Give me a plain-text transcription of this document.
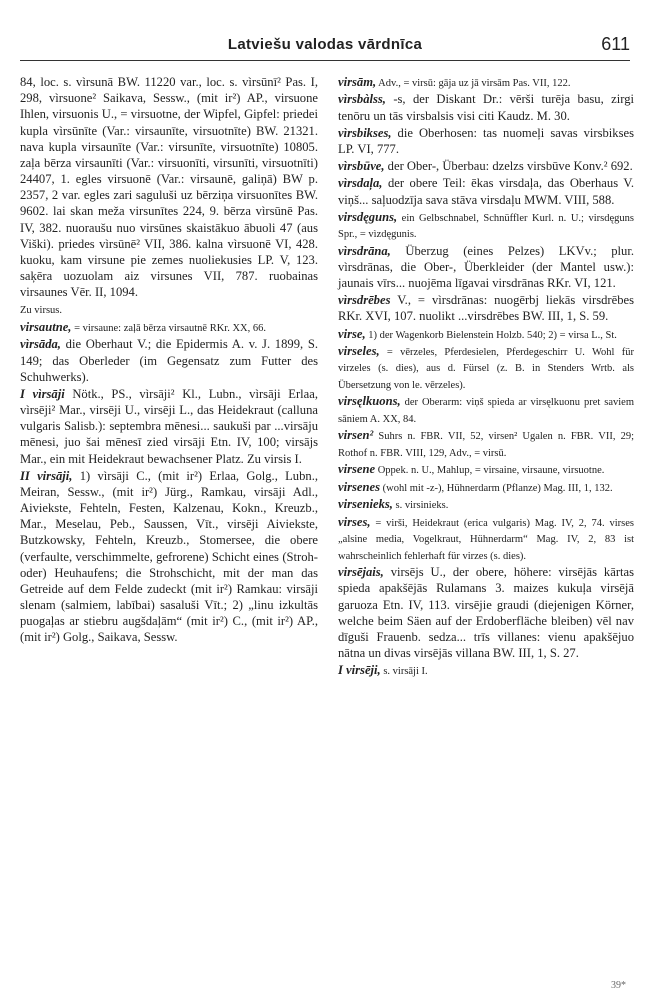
Latviešu valodas vārdnīca	611

84, loc. s. vìrsunā BW. 11220 var., loc. s. vìrsūnī² Pas. I, 298, vìrsuone² Saikava, Sessw., (mit ir²) AP., virsuone Ihlen, virsuonis U., = virsuotne, der Wipfel, Gipfel: priedei kupla vìrsūnīte (Var.: virsaunīte, virsuotnīte) BW. 21321. nava kupla virsaunīte (Var.: virsunīte, virsuotnīte) 10805. zaļa bērza virsaunīti (Var.: virsuonīti, virsunīti, virsuotnīti) 24407, 1. egles virsuonē (Var.: virsaunē, galiņā) BW p. 2357, 2 var. egles zari saguluši uz bērziņa virsuonītes BW. 9602. lai skan meža virsunītes 224, 9. bērza vìrsūnē Pas. IV, 382. nuoraušu nuo virsūnes skaistākuo ābuoli 47 (aus Viški). priedes vìrsūnē² VII, 386. kalna vìrsuonē VI, 428. kuoku, kam virsune pie zemes nuoliekusies LP. V, 123. saķēra uozuolam aiz virsunes VII, 787. ruobainas virsaunes Vēr. II, 1094.

Zu virsus.

virsautne, = virsaune: zaļā bērza virsautnē RKr. XX, 66.

vìrsāda, die Oberhaut V.; die Epidermis A. v. J. 1899, S. 149; das Oberleder (im Gegensatz zum Futter des Schuhwerks).

I vìrsāji Nötk., PS., vìrsāji² Kl., Lubn., vìrsāji Erlaa, vìrsēji² Mar., virsēji U., virsēji L., das Heidekraut (calluna vulgaris Salisb.): septembra mēnesi... saukuši par ...virsāju mēnesi, juo šai mēnesī zied virsāji Etn. IV, 100; virsājs Mar., ein mit Heidekraut bewachsener Platz. Zu virsis I.

II virsāji, 1) vìrsāji C., (mit ir²) Erlaa, Golg., Lubn., Meiran, Sessw., (mit ir²) Jürg., Ramkau, virsāji Adl., Aiviekste, Fehteln, Festen, Kalzenau, Kokn., Kreuzb., Mar., Meselau, Peb., Saussen, Vīt., virsēji Aiviekste, Butzkowsky, Fehteln, Kreuzb., Stomersee, die obere (verfaulte, verschimmelte, gefrorene) Schicht eines (Stroh- oder) Heuhaufens; die Strohschicht, mit der man das Getreide auf dem Felde zudeckt (mit ir²) Ramkau: virsāji slenam (salmiem, labībai) sasaluši Vīt.; 2) „linu izkultās puogaļas ar stiebru augšdaļām“ (mit ir²) C., (mit ir²) AP., (mit ir²) Golg., Saikava, Sessw.

virsām, Adv., = virsū: gāja uz jā virsām Pas. VII, 122.

vìrsbàlss, -s, der Diskant Dr.: vērši turēja basu, zirgi tenōru un tās virsbalsis visi citi Kaudz. M. 30.

vìrsbikses, die Oberhosen: tas nuomeļi savas virsbikses LP. VI, 777.

vìrsbūve, der Ober-, Überbau: dzelzs virsbūve Konv.² 692.

vìrsdaļa, der obere Teil: ēkas virsdaļa, das Oberhaus V. viņš... saļuodzīja sava stāva virsdaļu MWM. VIII, 588.

virsdęguns, ein Gelbschnabel, Schnüffler Kurl. n. U.; virsdęguns Spr., = vìzdęgunis.

vìrsdrāna, Überzug (eines Pelzes) LKVv.; plur. vìrsdrānas, die Ober-, Überkleider (der Mantel usw.): jaunais vīrs... nuojēma līgavai virsdrānas RKr. VI, 121.

vìrsdrēbes V., = vìrsdrānas: nuogērbj liekās virsdrēbes RKr. XVI, 107. nuolikt ...virsdrēbes BW. III, 1, S. 59.

virse, 1) der Wagenkorb Bielenstein Holzb. 540; 2) = virsa L., St.

virseles, = vērzeles, Pferdesielen, Pferdegeschirr U. Wohl für virzeles (s. dies), aus d. Fürsel (z. B. in Stenders Wrtb. als Übersetzung von le. vērzeles).

virsęlkuons, der Oberarm: viņš spieda ar virsęlkuonu pret saviem sāniem A. XX, 84.

virsen² Suhrs n. FBR. VII, 52, virsen² Ugalen n. FBR. VII, 29; Rothof n. FBR. VIII, 129, Adv., = virsū.

virsene Oppek. n. U., Mahlup, = virsaine, virsaune, virsuotne.

virsenes (wohl mit -z-), Hühnerdarm (Pflanze) Mag. III, 1, 132.

virsenieks, s. virsinieks.

virses, = virši, Heidekraut (erica vulgaris) Mag. IV, 2, 74. virses „alsine media, Vogelkraut, Hühnerdarm“ Mag. IV, 2, 83 ist wahrscheinlich fehlerhaft für virzes (s. dies).

virsējais, virsējs U., der obere, höhere: virsējās kārtas spieda apakšējās Rulamans 3. maizes kukuļa virsējā garuoza Etn. IV, 113. virsējie graudi (diejenigen Körner, welche beim Säen auf der Erdoberfläche bleiben) vēl nav dīguši Frauenb. sedza... trīs villanes: vienu apakšējuo nātna un divas virsējās villana BW. III, 1, S. 27.

I virsēji, s. virsāji I.

39*
